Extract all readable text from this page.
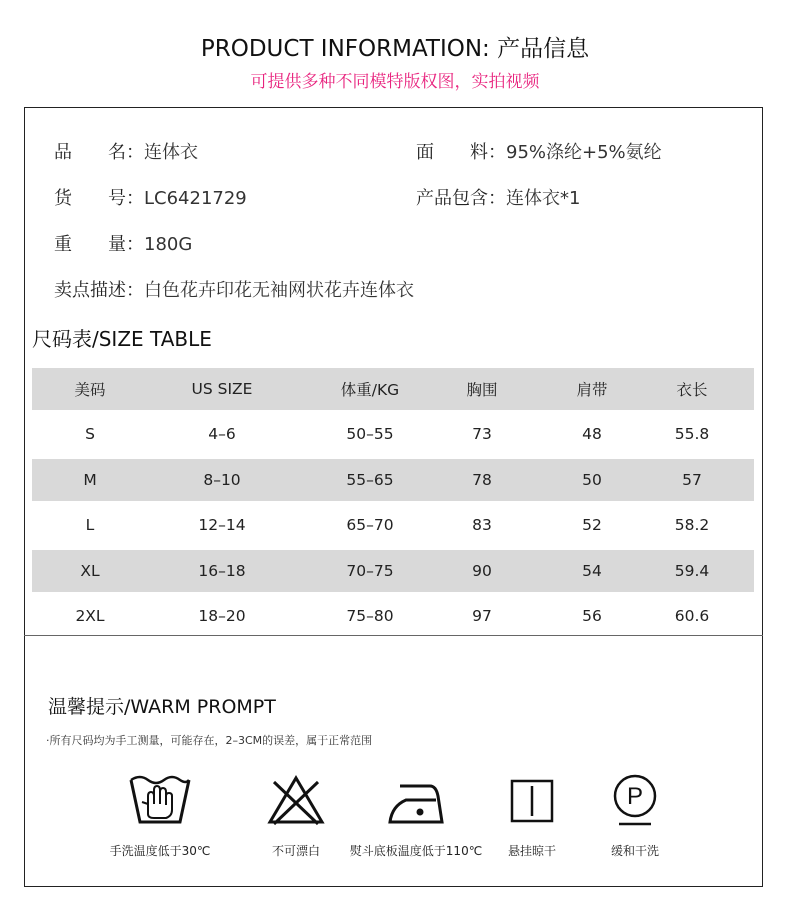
PRODUCT INFORMATION: 产品信息
可提供多种不同模特版权图，实拍视频
品　　名：连体衣	面　　料：95%涤纶+5%氨纶
货　　号：LC6421729	产品包含：连体衣*1
重　　量：180G
卖点描述：白色花卉印花无袖网状花卉连体衣
尺码表/SIZE TABLE
美码	US SIZE	体重/KG	胸围	肩带	衣长
S	4–6	50–55	73	48	55.8
M	8–10	55–65	78	50	57
L	12–14	65–70	83	52	58.2
XL	16–18	70–75	90	54	59.4
2XL	18–20	75–80	97	56	60.6
温馨提示/WARM PROMPT
·所有尺码均为手工测量，可能存在，2–3CM的误差，属于正常范围
手洗温度低于30℃	不可漂白	熨斗底板温度低于110℃	悬挂晾干
P
缓和干洗
